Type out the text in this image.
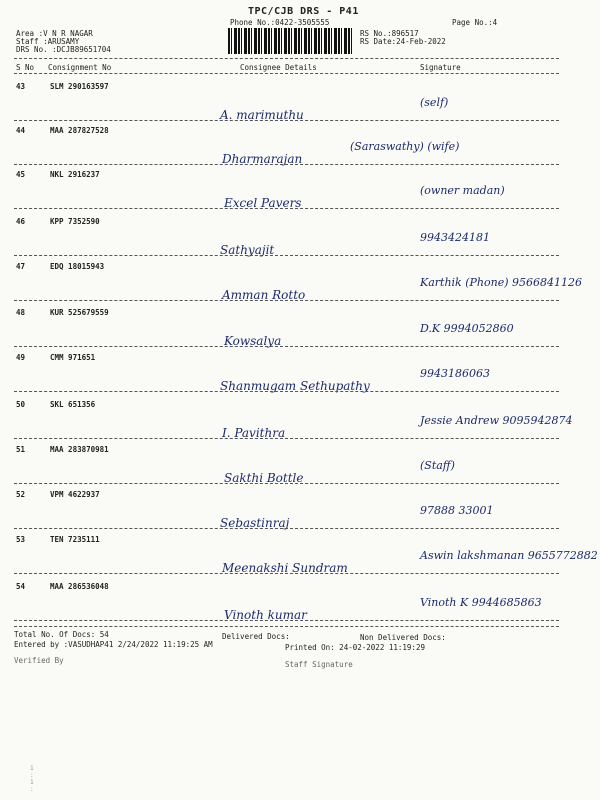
TPC/CJB DRS - P41
Phone No.:0422-3505555	Page No.:4
Area :V N R NAGAR
Staff :ARUSAMY
DRS No. :DCJB89651704
RS No.:896517
RS Date:24-Feb-2022
S No Consignment No	Consignee Details	Signature
43	SLM 290163597
A. marimuthu
(self)
44	MAA 287827528
Dharmarajan
(Saraswathy) (wife)
45	NKL 2916237
Excel Pavers
(owner madan)
46	KPP 7352590
Sathyajit
9943424181
47	EDQ 18015943
Amman Rotto
Karthik (Phone) 9566841126
48	KUR 525679559
Kowsalya
D.K 9994052860
49	CMM 971651
Shanmugam Sethupathy
9943186063
50	SKL 651356
I. Pavithra
Jessie Andrew 9095942874
51	MAA 283870981
Sakthi Bottle
(Staff)
52	VPM 4622937
Sebastinraj
97888 33001
53	TEN 7235111
Meenakshi Sundram
Aswin lakshmanan 9655772882
54	MAA 286536048
Vinoth kumar
Vinoth K 9944685863
Total No. Of Docs: 54	Delivered Docs:	Non Delivered Docs:
Entered by :VASUDHAP41 2/24/2022 11:19:25 AM	Printed On: 24-02-2022 11:19:29
Verified By	Staff Signature
1
:
1
:
